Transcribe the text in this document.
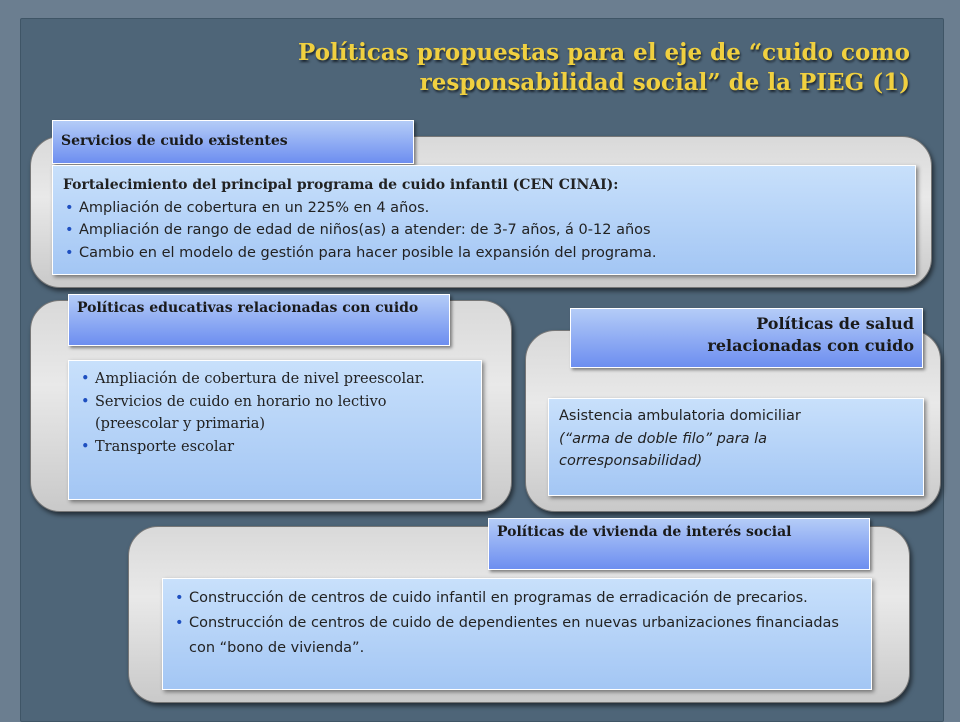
Políticas propuestas para el eje de “cuido como
responsabilidad social” de la PIEG (1)
Servicios de cuido existentes
Fortalecimiento del principal programa de cuido infantil (CEN CINAI):
• Ampliación de cobertura en un 225% en 4 años.
• Ampliación de rango de edad de niños(as) a atender: de 3-7 años, á 0-12 años
• Cambio en el modelo de gestión para hacer posible la expansión del programa.
Políticas educativas relacionadas con cuido
• Ampliación de cobertura de nivel preescolar.
• Servicios de cuido en horario no lectivo (preescolar y primaria)
• Transporte escolar
Políticas de salud
relacionadas con cuido
Asistencia ambulatoria domiciliar
(“arma de doble filo” para la corresponsabilidad)
Políticas de vivienda de interés social
• Construcción de centros de cuido infantil en programas de erradicación de precarios.
• Construcción de centros de cuido de dependientes en nuevas urbanizaciones financiadas con “bono de vivienda”.
